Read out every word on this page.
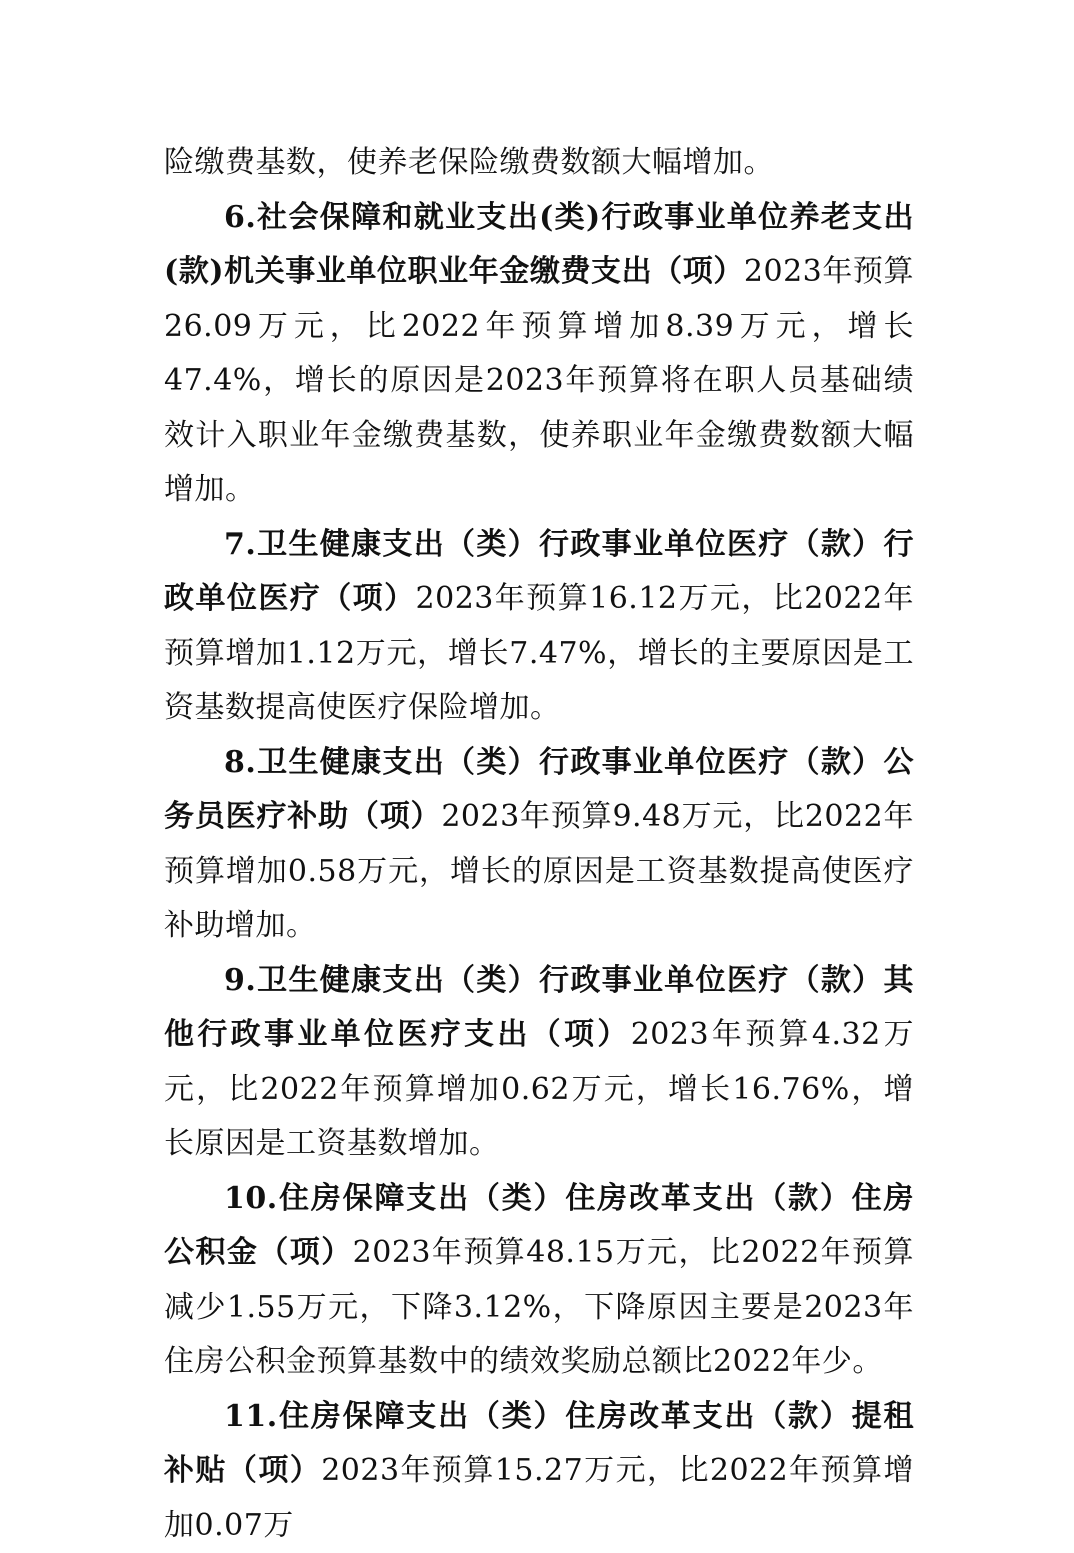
险缴费基数，使养老保险缴费数额大幅增加。

6.社会保障和就业支出(类)行政事业单位养老支出(款)机关事业单位职业年金缴费支出（项）2023年预算26.09万元，比2022年预算增加8.39万元，增长47.4%，增长的原因是2023年预算将在职人员基础绩效计入职业年金缴费基数，使养职业年金缴费数额大幅增加。

7.卫生健康支出（类）行政事业单位医疗（款）行政单位医疗（项）2023年预算16.12万元，比2022年预算增加1.12万元，增长7.47%，增长的主要原因是工资基数提高使医疗保险增加。

8.卫生健康支出（类）行政事业单位医疗（款）公务员医疗补助（项）2023年预算9.48万元，比2022年预算增加0.58万元，增长的原因是工资基数提高使医疗补助增加。

9.卫生健康支出（类）行政事业单位医疗（款）其他行政事业单位医疗支出（项）2023年预算4.32万元，比2022年预算增加0.62万元，增长16.76%，增长原因是工资基数增加。

10.住房保障支出（类）住房改革支出（款）住房公积金（项）2023年预算48.15万元，比2022年预算减少1.55万元，下降3.12%，下降原因主要是2023年住房公积金预算基数中的绩效奖励总额比2022年少。

11.住房保障支出（类）住房改革支出（款）提租补贴（项）2023年预算15.27万元，比2022年预算增加0.07万
